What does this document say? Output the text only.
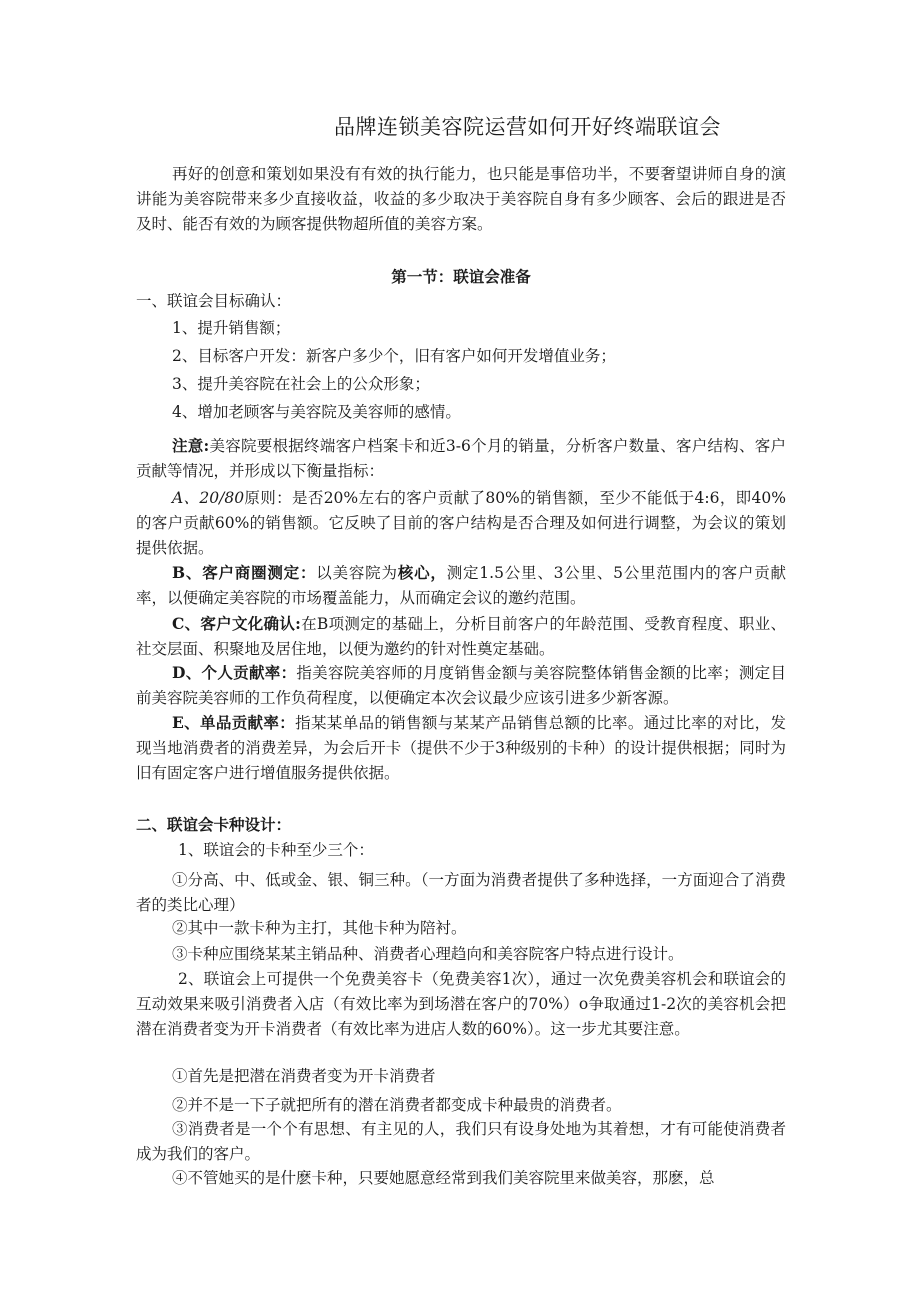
品牌连锁美容院运营如何开好终端联谊会
再好的创意和策划如果没有有效的执行能力，也只能是事倍功半，不要奢望讲师自身的演讲能为美容院带来多少直接收益，收益的多少取决于美容院自身有多少顾客、会后的跟进是否及时、能否有效的为顾客提供物超所值的美容方案。
第一节：联谊会准备
一、联谊会目标确认：
1、提升销售额；
2、目标客户开发：新客户多少个，旧有客户如何开发增值业务；
3、提升美容院在社会上的公众形象；
4、增加老顾客与美容院及美容师的感情。
注意:美容院要根据终端客户档案卡和近3-6个月的销量，分析客户数量、客户结构、客户贡献等情况，并形成以下衡量指标：
A、20/80原则：是否20%左右的客户贡献了80%的销售额，至少不能低于4:6，即40%的客户贡献60%的销售额。它反映了目前的客户结构是否合理及如何进行调整，为会议的策划提供依据。
B、客户商圈测定：以美容院为核心，测定1.5公里、3公里、5公里范围内的客户贡献率，以便确定美容院的市场覆盖能力，从而确定会议的邀约范围。
C、客户文化确认:在B项测定的基础上，分析目前客户的年龄范围、受教育程度、职业、社交层面、积聚地及居住地，以便为邀约的针对性奠定基础。
D、个人贡献率：指美容院美容师的月度销售金额与美容院整体销售金额的比率；测定目前美容院美容师的工作负荷程度，以便确定本次会议最少应该引进多少新客源。
E、单品贡献率：指某某单品的销售额与某某产品销售总额的比率。通过比率的对比，发现当地消费者的消费差异，为会后开卡（提供不少于3种级别的卡种）的设计提供根据；同时为旧有固定客户进行增值服务提供依据。
二、联谊会卡种设计：
1、联谊会的卡种至少三个：
①分高、中、低或金、银、铜三种。（一方面为消费者提供了多种选择，一方面迎合了消费者的类比心理）
②其中一款卡种为主打，其他卡种为陪衬。
③卡种应围绕某某主销品种、消费者心理趋向和美容院客户特点进行设计。
2、联谊会上可提供一个免费美容卡（免费美容1次），通过一次免费美容机会和联谊会的互动效果来吸引消费者入店（有效比率为到场潜在客户的70%）o争取通过1-2次的美容机会把潜在消费者变为开卡消费者（有效比率为进店人数的60%）。这一步尤其要注意。
①首先是把潜在消费者变为开卡消费者
②并不是一下子就把所有的潜在消费者都变成卡种最贵的消费者。
③消费者是一个个有思想、有主见的人，我们只有设身处地为其着想，才有可能使消费者成为我们的客户。
④不管她买的是什麽卡种，只要她愿意经常到我们美容院里来做美容，那麽，总
